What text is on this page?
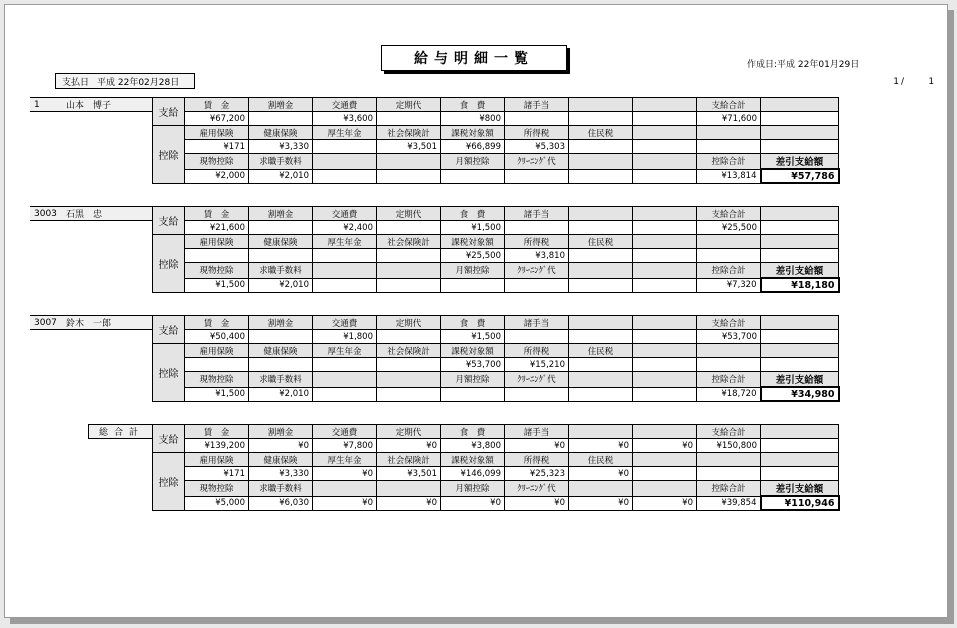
給与明細一覧	作成日:平成 22年01月29日
支払日 平成 22年02月28日	1 /	1
1	山本　博子
支給	賃　金	割増金	交通費	定期代	食　費	諸手当			支給合計	
	¥67,200		¥3,600		¥800				¥71,600	
控除	雇用保険	健康保険	厚生年金	社会保険計	課税対象額	所得税	住民税			
	¥171	¥3,330		¥3,501	¥66,899	¥5,303				
	現物控除	求職手数料			月額控除	ｸﾘｰﾆﾝｸﾞ代			控除合計	差引支給額
	¥2,000	¥2,010							¥13,814	¥57,786
3003	石黒　忠
支給	賃　金	割増金	交通費	定期代	食　費	諸手当			支給合計	
	¥21,600		¥2,400		¥1,500				¥25,500	
控除	雇用保険	健康保険	厚生年金	社会保険計	課税対象額	所得税	住民税			
					¥25,500	¥3,810				
	現物控除	求職手数料			月額控除	ｸﾘｰﾆﾝｸﾞ代			控除合計	差引支給額
	¥1,500	¥2,010							¥7,320	¥18,180
3007	鈴木　一郎
支給	賃　金	割増金	交通費	定期代	食　費	諸手当			支給合計	
	¥50,400		¥1,800		¥1,500				¥53,700	
控除	雇用保険	健康保険	厚生年金	社会保険計	課税対象額	所得税	住民税			
					¥53,700	¥15,210				
	現物控除	求職手数料			月額控除	ｸﾘｰﾆﾝｸﾞ代			控除合計	差引支給額
	¥1,500	¥2,010							¥18,720	¥34,980
総合計
支給	賃　金	割増金	交通費	定期代	食　費	諸手当			支給合計	
	¥139,200	¥0	¥7,800	¥0	¥3,800	¥0	¥0	¥0	¥150,800	
控除	雇用保険	健康保険	厚生年金	社会保険計	課税対象額	所得税	住民税			
	¥171	¥3,330	¥0	¥3,501	¥146,099	¥25,323	¥0			
	現物控除	求職手数料			月額控除	ｸﾘｰﾆﾝｸﾞ代			控除合計	差引支給額
	¥5,000	¥6,030	¥0	¥0	¥0	¥0	¥0	¥0	¥39,854	¥110,946
